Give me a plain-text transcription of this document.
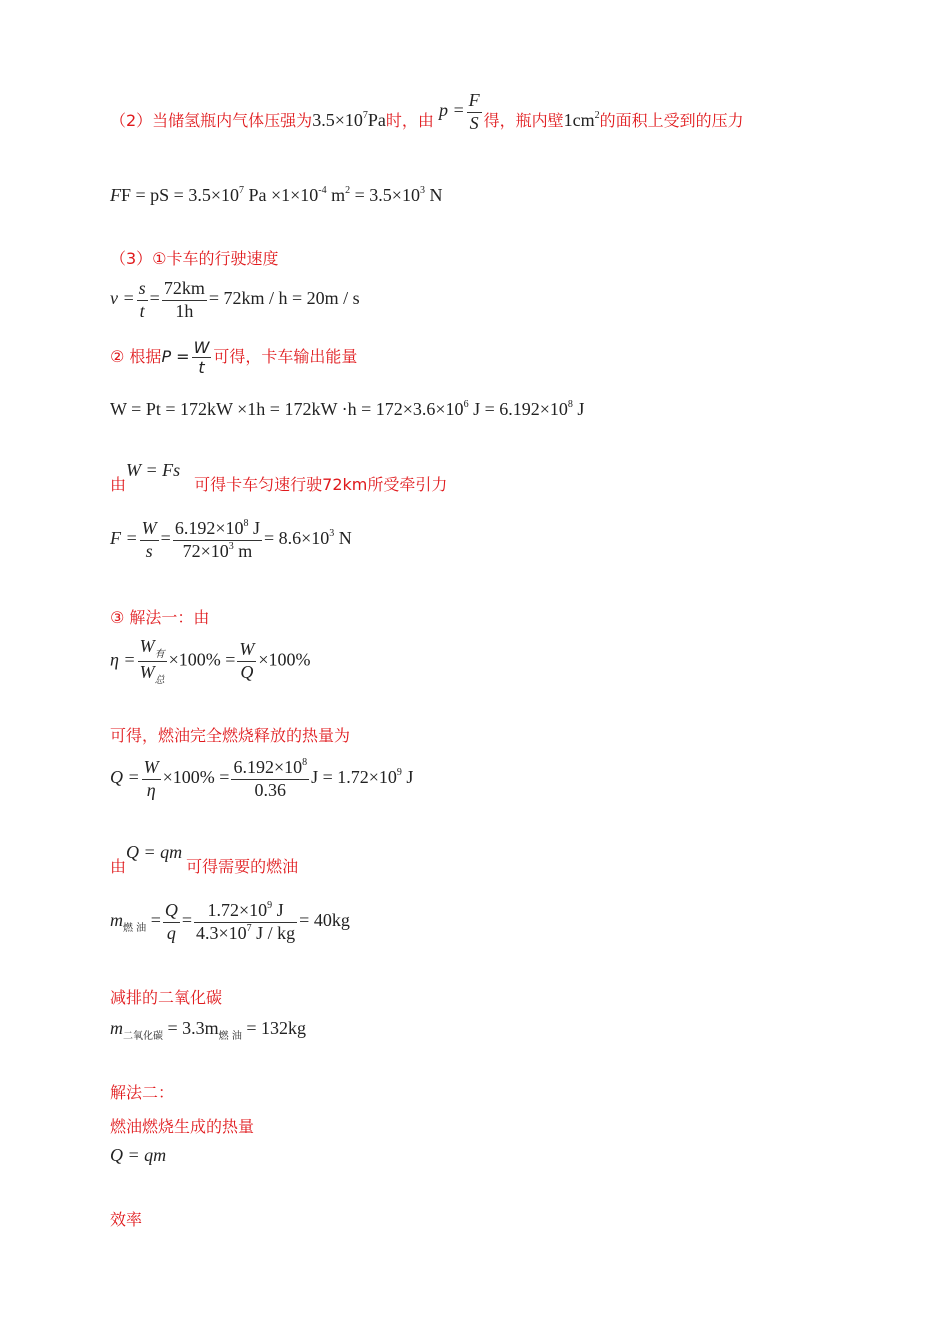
（2）当储氢瓶内气体压强为$3.5\times 10^7Pa$时，由 $p = \frac{F}{S}$ 得，瓶内壁$1cm^2$的面积上受到的压力
FF = pS = $3.5\times 10^7$ $Pa \times 1\times 10^{-4}$ $m^2 = 3.5\times 10^3$ N
（3）①卡车的行驶速度
$v = \frac{s}{t} = \frac{72km}{1h} = 72km / h = 20m / s$
② 根据$P = \frac{W}{t}$ 可得，卡车输出能量
$W = Pt = 172kW \times 1h = 172kW \cdot h = 172\times 3.6\times 10^6$ $J = 6.192\times 10^8$ J
由W = Fs可得卡车匀速行驶72km所受牵引力
$F = \frac{W}{s} = \frac{6.192\times 10^8 J}{72\times 10^3 m} = 8.6\times 10^3$ N
③ 解法一：由
$\eta = \frac{W_有}{W_总} \times 100\% = \frac{W}{Q} \times 100\%$
可得，燃油完全燃烧释放的热量为
$Q = \frac{W}{\eta} \times 100\% = \frac{6.192\times 10^8}{0.36}$ $J = 1.72\times 10^9$ J
由Q = qm可得需要的燃油
$m_{燃 油} = \frac{Q}{q} = \frac{1.72\times 10^9 J}{4.3\times 10^7 J / kg} = 40kg$
减排的二氧化碳
$m_{二氧化碳} = 3.3m_{燃 油} = 132kg$
解法二：
燃油燃烧生成的热量
Q = qm
效率
